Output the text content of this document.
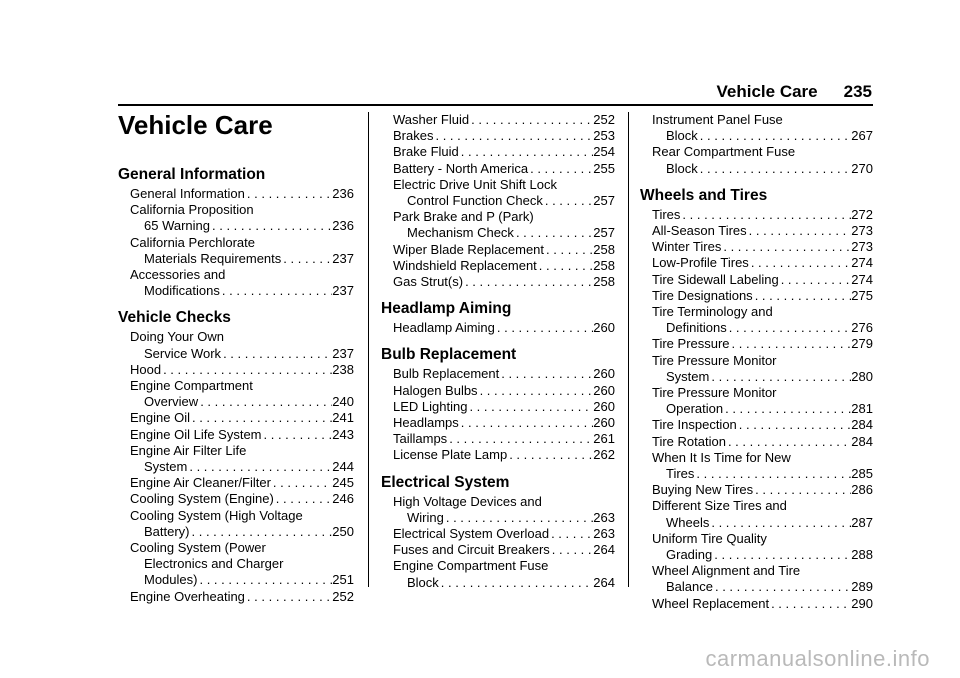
Vehicle Care 235
Vehicle Care
General Information
General Information . . .	236
California Proposition
65 Warning . . .	236
California Perchlorate
Materials Requirements . . .	237
Accessories and
Modifications . . .	237
Vehicle Checks
Doing Your Own
Service Work . . .	237
Hood . . .	238
Engine Compartment
Overview . . .	240
Engine Oil . . .	241
Engine Oil Life System . . .	243
Engine Air Filter Life
System . . .	244
Engine Air Cleaner/Filter . . .	245
Cooling System (Engine) . . .	246
Cooling System (High Voltage
Battery) . . .	250
Cooling System (Power
Electronics and Charger
Modules) . . .	251
Engine Overheating . . .	252
Washer Fluid . . .	252
Brakes . . .	253
Brake Fluid . . .	254
Battery - North America . . .	255
Electric Drive Unit Shift Lock
Control Function Check . . .	257
Park Brake and P (Park)
Mechanism Check . . .	257
Wiper Blade Replacement . . .	258
Windshield Replacement . . .	258
Gas Strut(s) . . .	258
Headlamp Aiming
Headlamp Aiming . . .	260
Bulb Replacement
Bulb Replacement . . .	260
Halogen Bulbs . . .	260
LED Lighting . . .	260
Headlamps . . .	260
Taillamps . . .	261
License Plate Lamp . . .	262
Electrical System
High Voltage Devices and
Wiring . . .	263
Electrical System Overload . . .	263
Fuses and Circuit Breakers . . .	264
Engine Compartment Fuse
Block . . .	264
Instrument Panel Fuse
Block . . .	267
Rear Compartment Fuse
Block . . .	270
Wheels and Tires
Tires . . .	272
All-Season Tires . . .	273
Winter Tires . . .	273
Low-Profile Tires . . .	274
Tire Sidewall Labeling . . .	274
Tire Designations . . .	275
Tire Terminology and
Definitions . . .	276
Tire Pressure . . .	279
Tire Pressure Monitor
System . . .	280
Tire Pressure Monitor
Operation . . .	281
Tire Inspection . . .	284
Tire Rotation . . .	284
When It Is Time for New
Tires . . .	285
Buying New Tires . . .	286
Different Size Tires and
Wheels . . .	287
Uniform Tire Quality
Grading . . .	288
Wheel Alignment and Tire
Balance . . .	289
Wheel Replacement . . .	290
carmanualsonline.info
